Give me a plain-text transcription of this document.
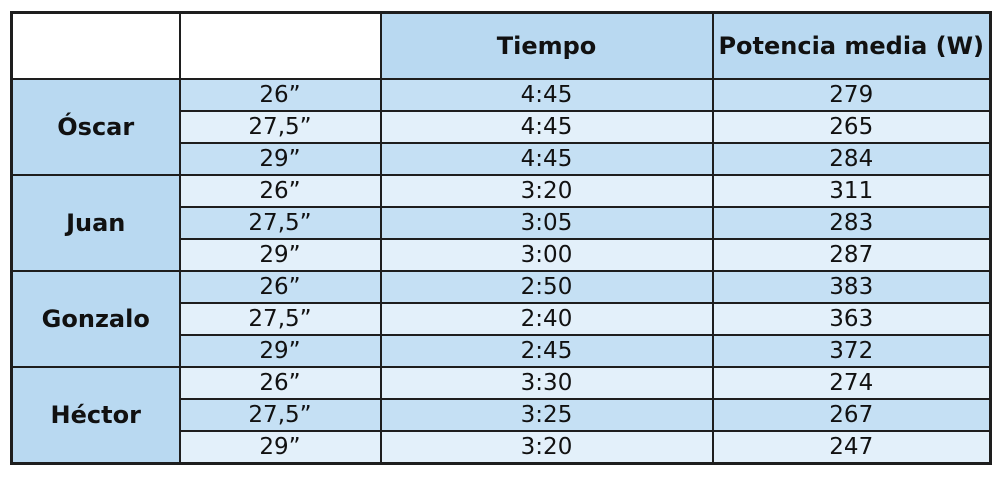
		Tiempo	Potencia media (W)
Óscar	26”	4:45	279
	27,5”	4:45	265
	29”	4:45	284
Juan	26”	3:20	311
	27,5”	3:05	283
	29”	3:00	287
Gonzalo	26”	2:50	383
	27,5”	2:40	363
	29”	2:45	372
Héctor	26”	3:30	274
	27,5”	3:25	267
	29”	3:20	247
